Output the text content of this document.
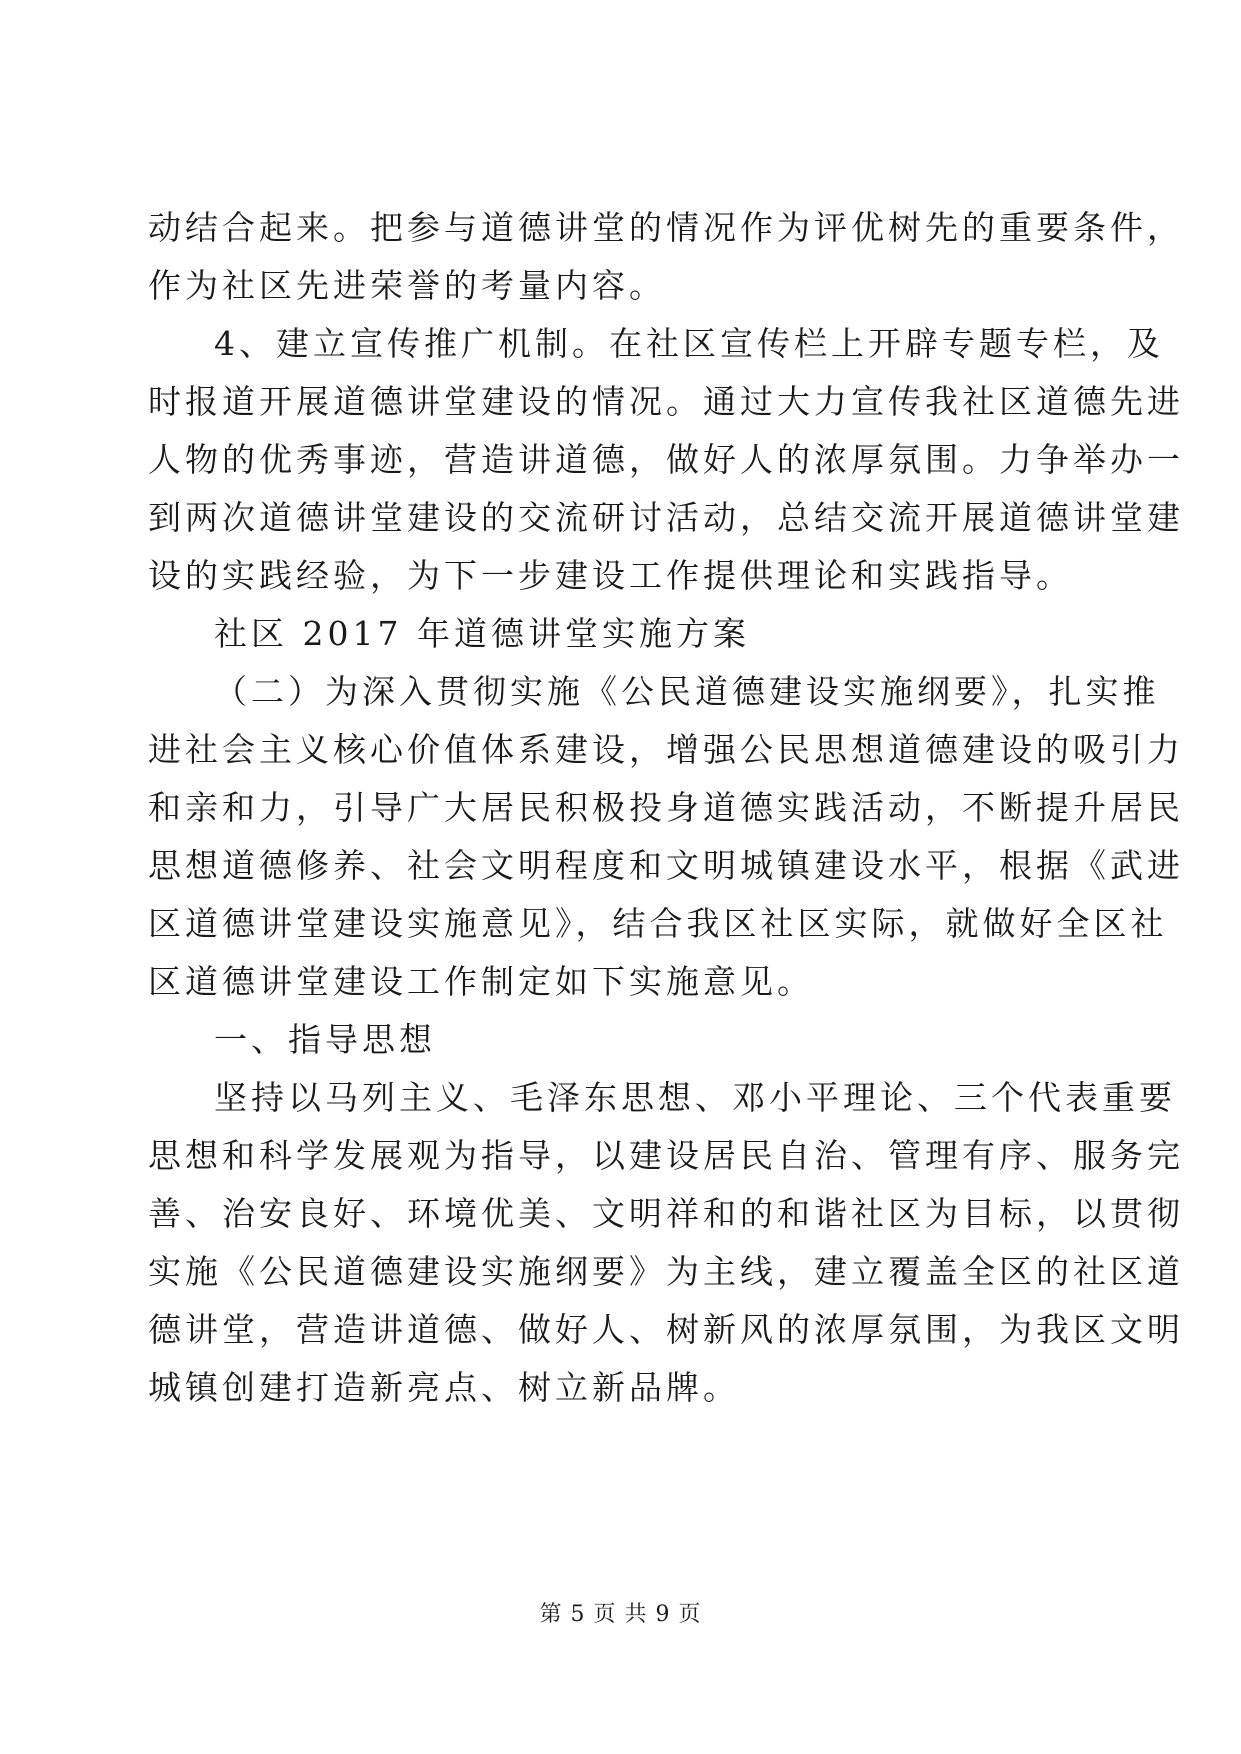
动结合起来。把参与道德讲堂的情况作为评优树先的重要条件，
作为社区先进荣誉的考量内容。
4、建立宣传推广机制。在社区宣传栏上开辟专题专栏，及
时报道开展道德讲堂建设的情况。通过大力宣传我社区道德先进
人物的优秀事迹，营造讲道德，做好人的浓厚氛围。力争举办一
到两次道德讲堂建设的交流研讨活动，总结交流开展道德讲堂建
设的实践经验，为下一步建设工作提供理论和实践指导。
社区 2017 年道德讲堂实施方案
（二）为深入贯彻实施《公民道德建设实施纲要》，扎实推
进社会主义核心价值体系建设，增强公民思想道德建设的吸引力
和亲和力，引导广大居民积极投身道德实践活动，不断提升居民
思想道德修养、社会文明程度和文明城镇建设水平，根据《武进
区道德讲堂建设实施意见》，结合我区社区实际，就做好全区社
区道德讲堂建设工作制定如下实施意见。
一、指导思想
坚持以马列主义、毛泽东思想、邓小平理论、三个代表重要
思想和科学发展观为指导，以建设居民自治、管理有序、服务完
善、治安良好、环境优美、文明祥和的和谐社区为目标，以贯彻
实施《公民道德建设实施纲要》为主线，建立覆盖全区的社区道
德讲堂，营造讲道德、做好人、树新风的浓厚氛围，为我区文明
城镇创建打造新亮点、树立新品牌。
第 5 页 共 9 页
